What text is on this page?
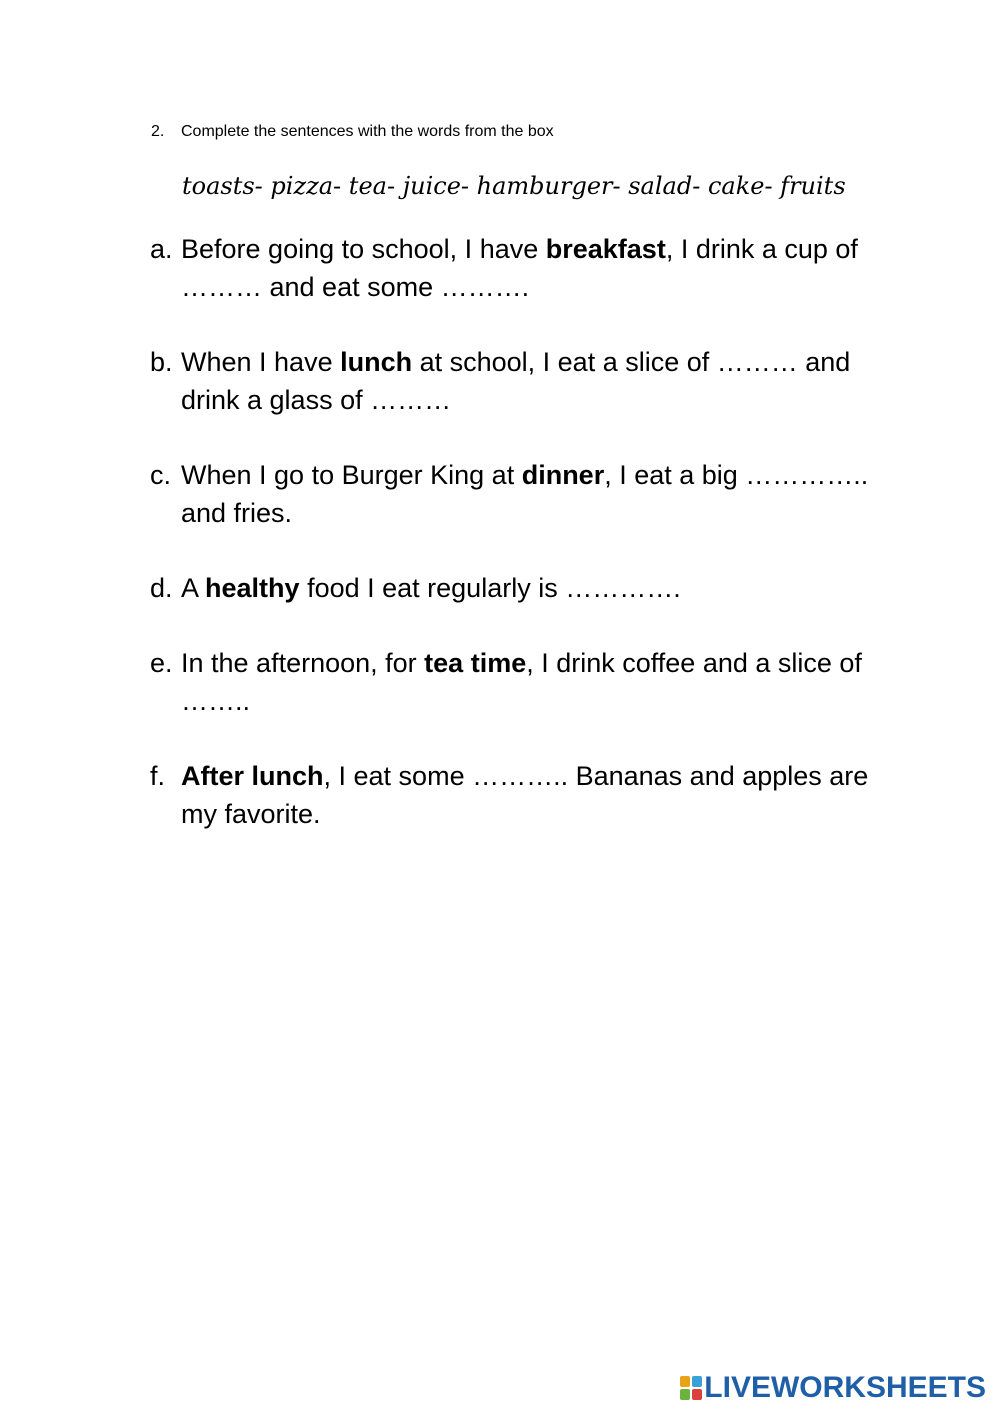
2. Complete the sentences with the words from the box
toasts- pizza- tea- juice- hamburger- salad- cake- fruits
a. Before going to school, I have breakfast, I drink a cup of ……… and eat some ……….
b. When I have lunch at school, I eat a slice of ……… and drink a glass of ………
c. When I go to Burger King at dinner, I eat a big ………….. and fries.
d. A healthy food I eat regularly is ………….
e. In the afternoon, for tea time, I drink coffee and a slice of ……..
f. After lunch, I eat some ……….. Bananas and apples are my favorite.
LIVEWORKSHEETS
